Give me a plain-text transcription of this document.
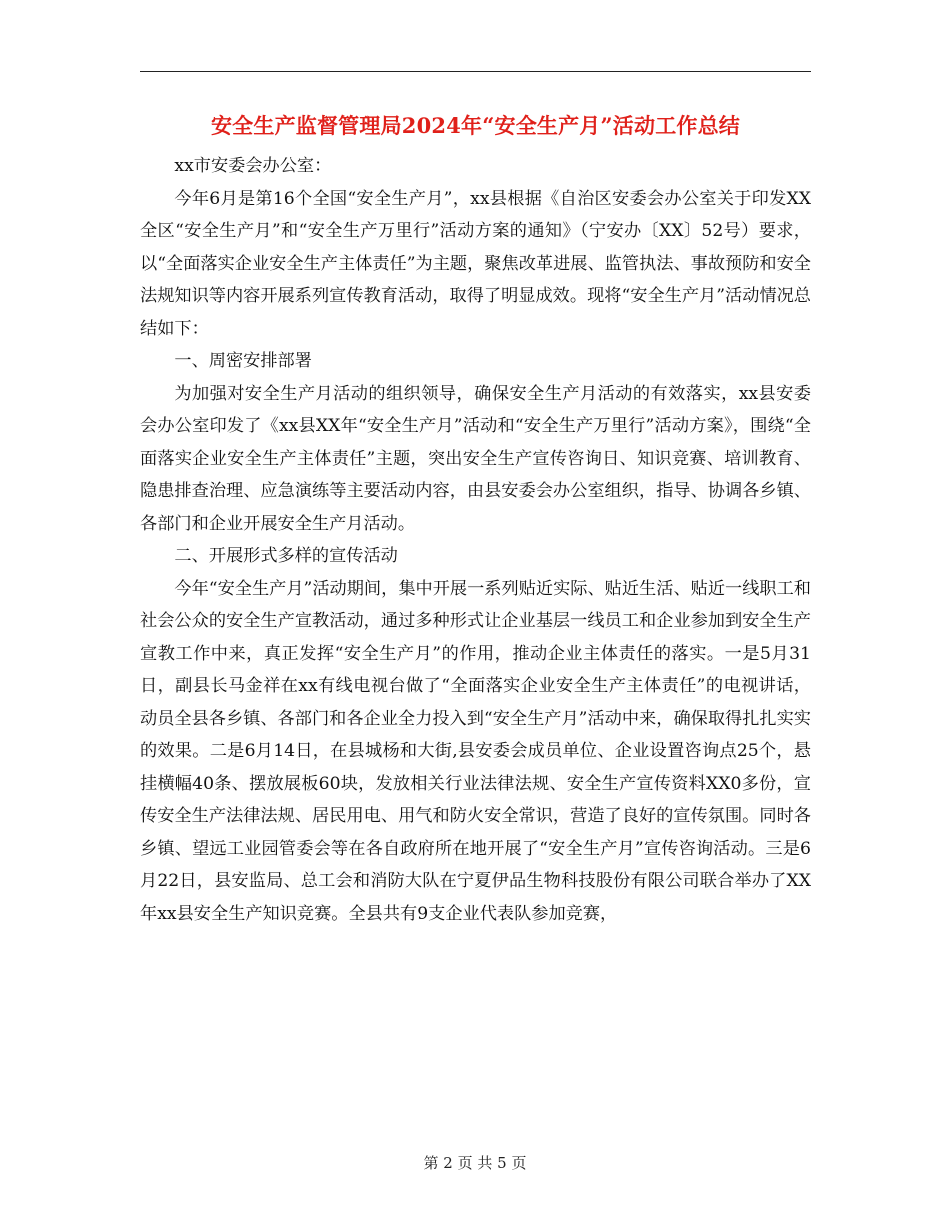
安全生产监督管理局2024年“安全生产月”活动工作总结

xx市安委会办公室：

今年6月是第16个全国“安全生产月”，xx县根据《自治区安委会办公室关于印发XX全区“安全生产月”和“安全生产万里行”活动方案的通知》（宁安办〔XX〕52号）要求，以“全面落实企业安全生产主体责任”为主题，聚焦改革进展、监管执法、事故预防和安全法规知识等内容开展系列宣传教育活动，取得了明显成效。现将“安全生产月”活动情况总结如下：

一、周密安排部署

为加强对安全生产月活动的组织领导，确保安全生产月活动的有效落实，xx县安委会办公室印发了《xx县XX年“安全生产月”活动和“安全生产万里行”活动方案》，围绕“全面落实企业安全生产主体责任”主题，突出安全生产宣传咨询日、知识竞赛、培训教育、隐患排查治理、应急演练等主要活动内容，由县安委会办公室组织，指导、协调各乡镇、各部门和企业开展安全生产月活动。

二、开展形式多样的宣传活动

今年“安全生产月”活动期间，集中开展一系列贴近实际、贴近生活、贴近一线职工和社会公众的安全生产宣教活动，通过多种形式让企业基层一线员工和企业参加到安全生产宣教工作中来，真正发挥“安全生产月”的作用，推动企业主体责任的落实。一是5月31日，副县长马金祥在xx有线电视台做了“全面落实企业安全生产主体责任”的电视讲话，动员全县各乡镇、各部门和各企业全力投入到“安全生产月”活动中来，确保取得扎扎实实的效果。二是6月14日，在县城杨和大街,县安委会成员单位、企业设置咨询点25个，悬挂横幅40条、摆放展板60块，发放相关行业法律法规、安全生产宣传资料XX0多份，宣传安全生产法律法规、居民用电、用气和防火安全常识，营造了良好的宣传氛围。同时各乡镇、望远工业园管委会等在各自政府所在地开展了“安全生产月”宣传咨询活动。三是6月22日，县安监局、总工会和消防大队在宁夏伊品生物科技股份有限公司联合举办了XX年xx县安全生产知识竞赛。全县共有9支企业代表队参加竞赛，

第 2 页 共 5 页
